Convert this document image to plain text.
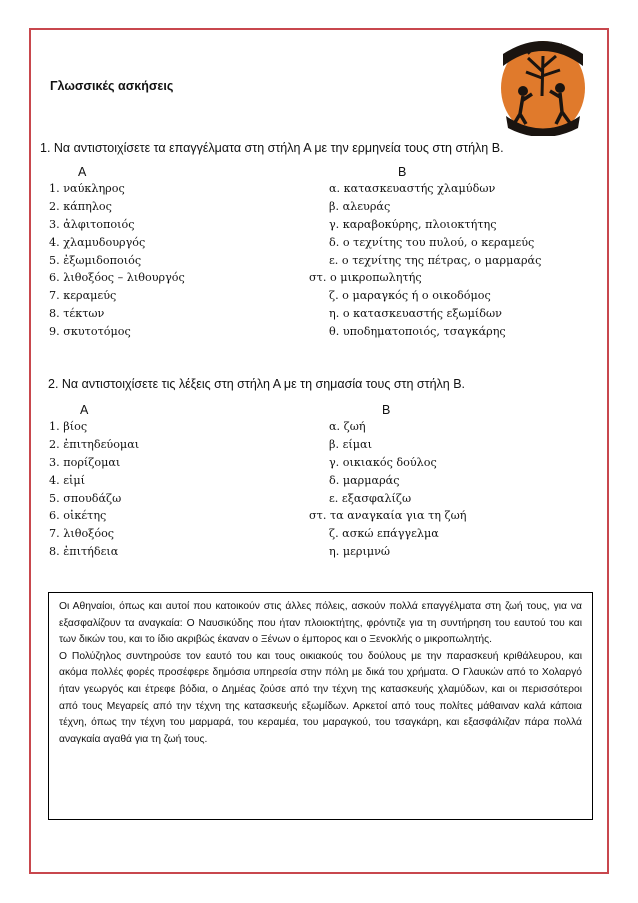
Γλωσσικές ασκήσεις
1. Να αντιστοιχίσετε τα επαγγέλματα στη στήλη Α με την ερμηνεία τους στη στήλη Β.
Α	Β
1. ναύκληρος
2. κάπηλος
3. ἀλφιτοποιός
4. χλαμυδουργός
5. ἐξωμιδοποιός
6. λιθοξόος – λιθουργός
7. κεραμεύς
8. τέκτων
9. σκυτοτόμος
α. κατασκευαστής χλαμύδων
β. αλευράς
γ. καραβοκύρης, πλοιοκτήτης
δ. ο τεχνίτης του πυλού, ο κεραμεύς
ε. ο τεχνίτης της πέτρας, ο μαρμαράς
στ. ο μικροπωλητής
ζ. ο μαραγκός ή ο οικοδόμος
η. ο κατασκευαστής εξωμίδων
θ. υποδηματοποιός, τσαγκάρης
2. Να αντιστοιχίσετε τις λέξεις στη στήλη Α με τη σημασία τους στη στήλη Β.
Α	Β
1. βίος
2. ἐπιτηδεύομαι
3. πορίζομαι
4. εἰμί
5. σπουδάζω
6. οἰκέτης
7. λιθοξόος
8. ἐπιτήδεια
α. ζωή
β. είμαι
γ. οικιακός δούλος
δ. μαρμαράς
ε. εξασφαλίζω
στ. τα αναγκαία για τη ζωή
ζ. ασκώ επάγγελμα
η. μεριμνώ

Οι Αθηναίοι, όπως και αυτοί που κατοικούν στις άλλες πόλεις, ασκούν πολλά επαγγέλματα στη ζωή τους, για να εξασφαλίζουν τα αναγκαία: Ο Ναυσικύδης που ήταν πλοιοκτήτης, φρόντιζε για τη συντήρηση του εαυτού του και των δικών του, και το ίδιο ακριβώς έκαναν ο Ξένων ο έμπορος και ο Ξενοκλής ο μικροπωλητής.

Ο Πολύζηλος συντηρούσε τον εαυτό του και τους οικιακούς του δούλους με την παρασκευή κριθάλευρου, και ακόμα πολλές φορές προσέφερε δημόσια υπηρεσία στην πόλη με δικά του χρήματα. Ο Γλαυκών από το Χολαργό ήταν γεωργός και έτρεφε βόδια, ο Δημέας ζούσε από την τέχνη της κατασκευής χλαμύδων, και οι περισσότεροι από τους Μεγαρείς από την τέχνη της κατασκευής εξωμίδων. Αρκετοί από τους πολίτες μάθαιναν καλά κάποια τέχνη, όπως την τέχνη του μαρμαρά, του κεραμέα, του μαραγκού, του τσαγκάρη, και εξασφάλιζαν πάρα πολλά αναγκαία αγαθά για τη ζωή τους.
